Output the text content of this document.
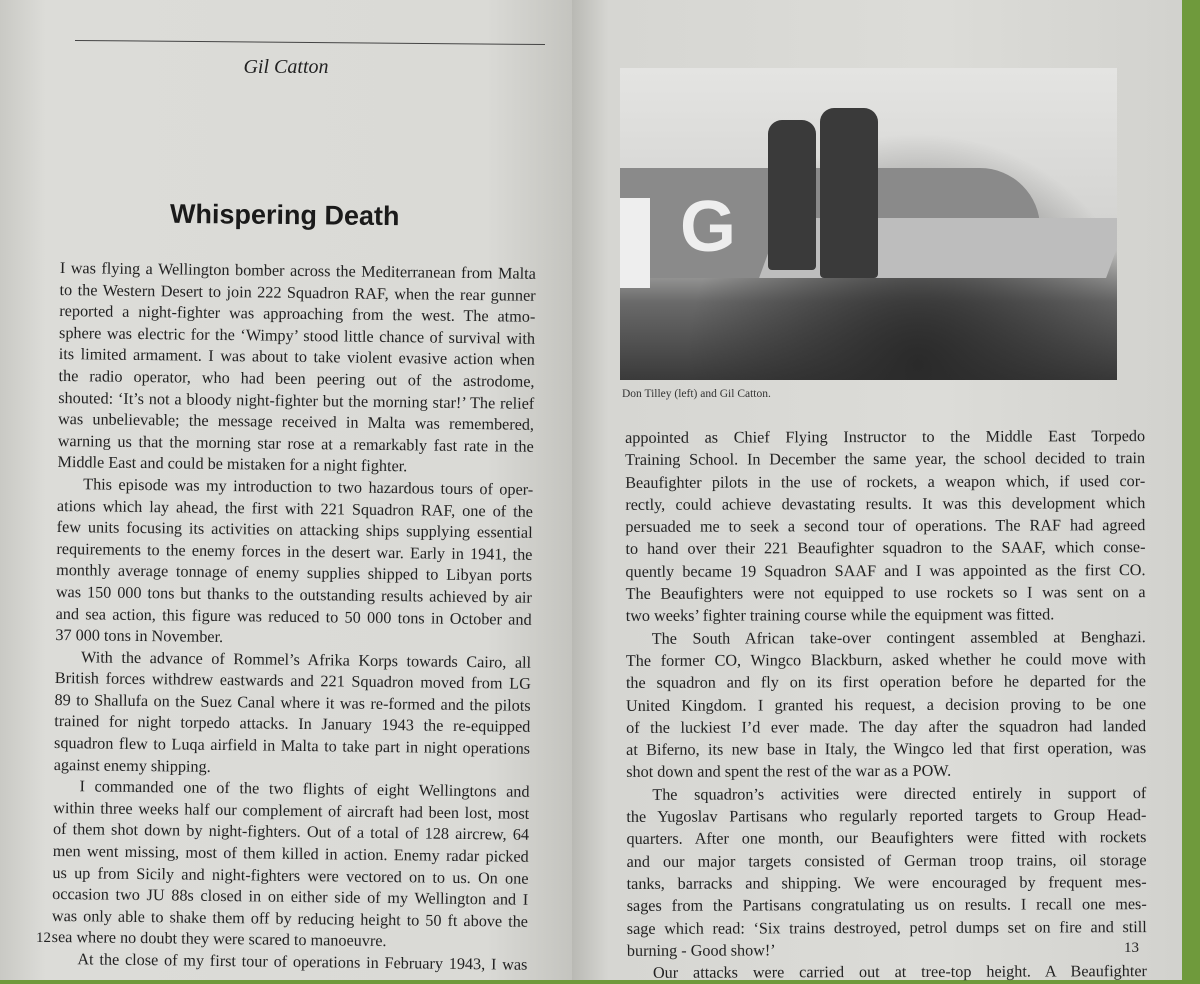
Gil Catton
Whispering Death
I was flying a Wellington bomber across the Mediterranean from Malta
to the Western Desert to join 222 Squadron RAF, when the rear gunner
reported a night-fighter was approaching from the west. The atmo-
sphere was electric for the ‘Wimpy’ stood little chance of survival with
its limited armament. I was about to take violent evasive action when
the radio operator, who had been peering out of the astrodome,
shouted: ‘It’s not a bloody night-fighter but the morning star!’ The relief
was unbelievable; the message received in Malta was remembered,
warning us that the morning star rose at a remarkably fast rate in the
Middle East and could be mistaken for a night fighter.
This episode was my introduction to two hazardous tours of oper-
ations which lay ahead, the first with 221 Squadron RAF, one of the
few units focusing its activities on attacking ships supplying essential
requirements to the enemy forces in the desert war. Early in 1941, the
monthly average tonnage of enemy supplies shipped to Libyan ports
was 150 000 tons but thanks to the outstanding results achieved by air
and sea action, this figure was reduced to 50 000 tons in October and
37 000 tons in November.
With the advance of Rommel’s Afrika Korps towards Cairo, all
British forces withdrew eastwards and 221 Squadron moved from LG
89 to Shallufa on the Suez Canal where it was re-formed and the pilots
trained for night torpedo attacks. In January 1943 the re-equipped
squadron flew to Luqa airfield in Malta to take part in night operations
against enemy shipping.
I commanded one of the two flights of eight Wellingtons and
within three weeks half our complement of aircraft had been lost, most
of them shot down by night-fighters. Out of a total of 128 aircrew, 64
men went missing, most of them killed in action. Enemy radar picked
us up from Sicily and night-fighters were vectored on to us. On one
occasion two JU 88s closed in on either side of my Wellington and I
was only able to shake them off by reducing height to 50 ft above the
sea where no doubt they were scared to manoeuvre.
At the close of my first tour of operations in February 1943, I was
12
G
Don Tilley (left) and Gil Catton.
appointed as Chief Flying Instructor to the Middle East Torpedo
Training School. In December the same year, the school decided to train
Beaufighter pilots in the use of rockets, a weapon which, if used cor-
rectly, could achieve devastating results. It was this development which
persuaded me to seek a second tour of operations. The RAF had agreed
to hand over their 221 Beaufighter squadron to the SAAF, which conse-
quently became 19 Squadron SAAF and I was appointed as the first CO.
The Beaufighters were not equipped to use rockets so I was sent on a
two weeks’ fighter training course while the equipment was fitted.
The South African take-over contingent assembled at Benghazi.
The former CO, Wingco Blackburn, asked whether he could move with
the squadron and fly on its first operation before he departed for the
United Kingdom. I granted his request, a decision proving to be one
of the luckiest I’d ever made. The day after the squadron had landed
at Biferno, its new base in Italy, the Wingco led that first operation, was
shot down and spent the rest of the war as a POW.
The squadron’s activities were directed entirely in support of
the Yugoslav Partisans who regularly reported targets to Group Head-
quarters. After one month, our Beaufighters were fitted with rockets
and our major targets consisted of German troop trains, oil storage
tanks, barracks and shipping. We were encouraged by frequent mes-
sages from the Partisans congratulating us on results. I recall one mes-
sage which read: ‘Six trains destroyed, petrol dumps set on fire and still
burning - Good show!’
Our attacks were carried out at tree-top height. A Beaufighter
13
